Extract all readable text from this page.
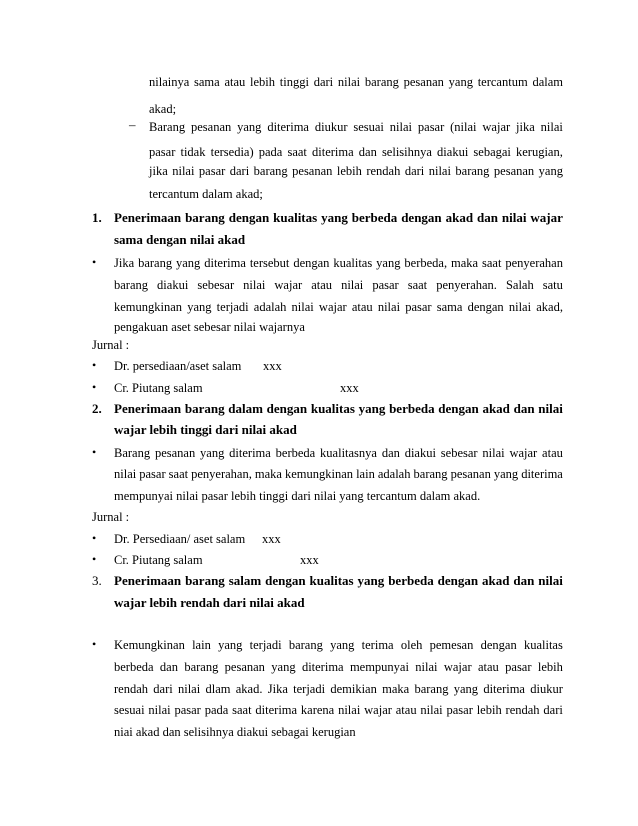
nilainya sama atau lebih tinggi dari nilai barang pesanan yang tercantum dalam
akad;
– Barang pesanan yang diterima diukur sesuai nilai pasar (nilai wajar jika nilai
pasar tidak tersedia) pada saat diterima dan selisihnya diakui sebagai kerugian,
jika nilai pasar dari barang pesanan lebih rendah dari nilai barang pesanan yang
tercantum dalam akad;
1. Penerimaan barang dengan kualitas yang berbeda dengan akad dan nilai wajar
sama dengan nilai akad
• Jika barang yang diterima tersebut dengan kualitas yang berbeda, maka saat penyerahan
barang diakui sebesar nilai wajar atau nilai pasar saat penyerahan. Salah satu
kemungkinan yang terjadi adalah nilai wajar atau nilai pasar sama dengan nilai akad,
pengakuan aset sebesar nilai wajarnya
Jurnal :
• Dr. persediaan/aset salam xxx
• Cr. Piutang salam	xxx
2. Penerimaan barang dalam dengan kualitas yang berbeda dengan akad dan nilai
wajar lebih tinggi dari nilai akad
• Barang pesanan yang diterima berbeda kualitasnya dan diakui sebesar nilai wajar atau
nilai pasar saat penyerahan, maka kemungkinan lain adalah barang pesanan yang diterima
mempunyai nilai pasar lebih tinggi dari nilai yang tercantum dalam akad.
Jurnal :
• Dr. Persediaan/ aset salam xxx
• Cr. Piutang salam	xxx
3. Penerimaan barang salam dengan kualitas yang berbeda dengan akad dan nilai
wajar lebih rendah dari nilai akad
• Kemungkinan lain yang terjadi barang yang terima oleh pemesan dengan kualitas
berbeda dan barang pesanan yang diterima mempunyai nilai wajar atau pasar lebih
rendah dari nilai dlam akad. Jika terjadi demikian maka barang yang diterima diukur
sesuai nilai pasar pada saat diterima karena nilai wajar atau nilai pasar lebih rendah dari
niai akad dan selisihnya diakui sebagai kerugian
